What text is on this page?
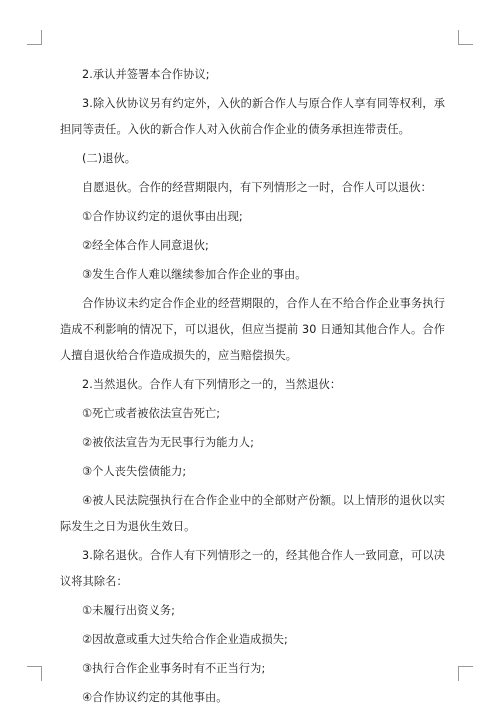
2.承认并签署本合作协议;

3.除入伙协议另有约定外，入伙的新合作人与原合作人享有同等权利，承担同等责任。入伙的新合作人对入伙前合作企业的债务承担连带责任。

(二)退伙。

自愿退伙。合作的经营期限内，有下列情形之一时，合作人可以退伙：

①合作协议约定的退伙事由出现;

②经全体合作人同意退伙;

③发生合作人难以继续参加合作企业的事由。

合作协议未约定合作企业的经营期限的，合作人在不给合作企业事务执行造成不利影响的情况下，可以退伙，但应当提前 30 日通知其他合作人。合作人擅自退伙给合作造成损失的，应当赔偿损失。

2.当然退伙。合作人有下列情形之一的，当然退伙：

①死亡或者被依法宣告死亡;

②被依法宣告为无民事行为能力人;

③个人丧失偿债能力;

④被人民法院强执行在合作企业中的全部财产份额。以上情形的退伙以实际发生之日为退伙生效日。

3.除名退伙。合作人有下列情形之一的，经其他合作人一致同意，可以决议将其除名：

①未履行出资义务;

②因故意或重大过失给合作企业造成损失;

③执行合作企业事务时有不正当行为;

④合作协议约定的其他事由。
